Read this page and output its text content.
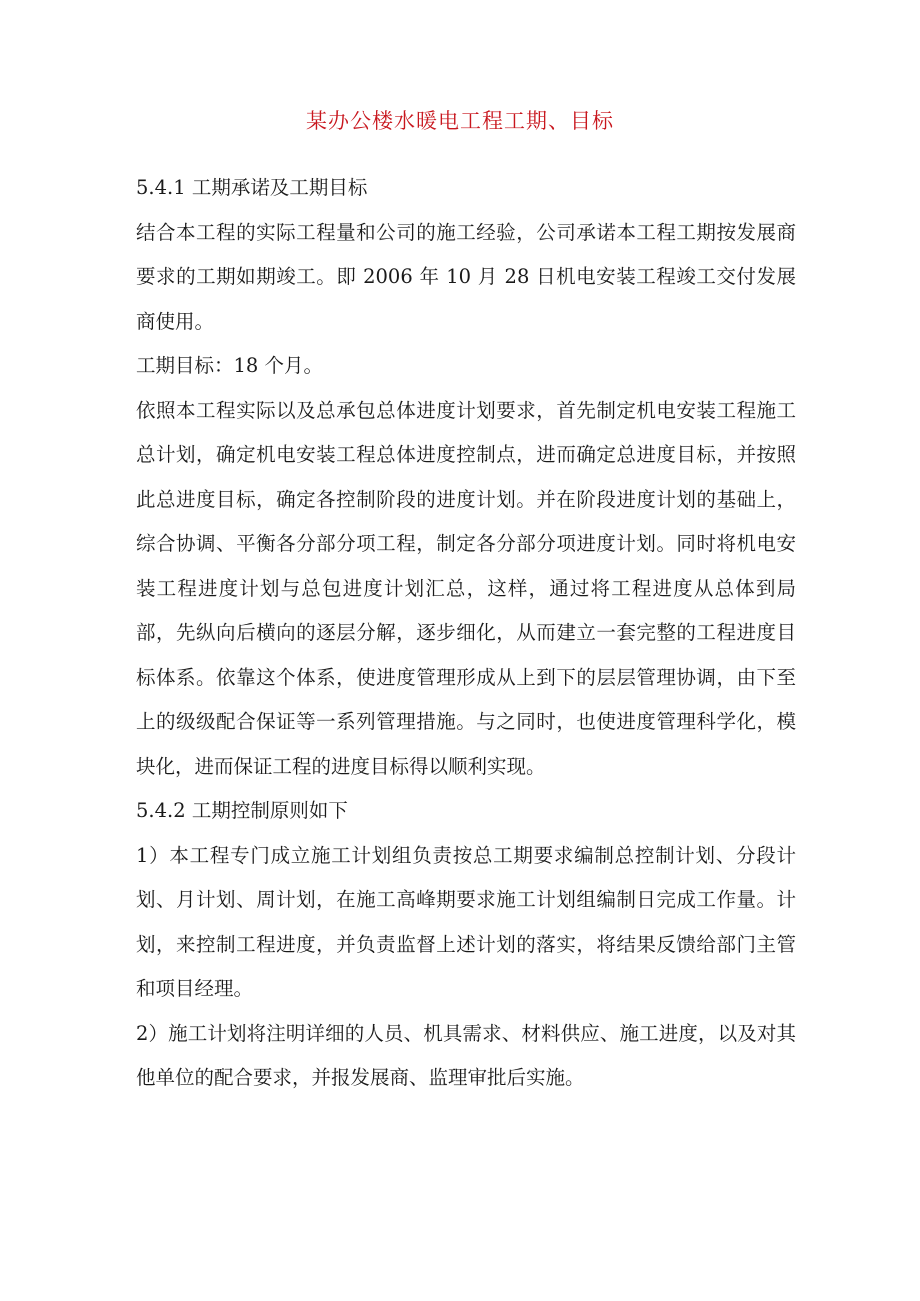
某办公楼水暖电工程工期、目标

5.4.1 工期承诺及工期目标

结合本工程的实际工程量和公司的施工经验，公司承诺本工程工期按发展商要求的工期如期竣工。即 2006 年 10 月 28 日机电安装工程竣工交付发展商使用。

工期目标：18 个月。

依照本工程实际以及总承包总体进度计划要求，首先制定机电安装工程施工总计划，确定机电安装工程总体进度控制点，进而确定总进度目标，并按照此总进度目标，确定各控制阶段的进度计划。并在阶段进度计划的基础上，综合协调、平衡各分部分项工程，制定各分部分项进度计划。同时将机电安装工程进度计划与总包进度计划汇总，这样，通过将工程进度从总体到局部，先纵向后横向的逐层分解，逐步细化，从而建立一套完整的工程进度目标体系。依靠这个体系，使进度管理形成从上到下的层层管理协调，由下至上的级级配合保证等一系列管理措施。与之同时，也使进度管理科学化，模块化，进而保证工程的进度目标得以顺利实现。

5.4.2 工期控制原则如下

1）本工程专门成立施工计划组负责按总工期要求编制总控制计划、分段计划、月计划、周计划，在施工高峰期要求施工计划组编制日完成工作量。计划，来控制工程进度，并负责监督上述计划的落实，将结果反馈给部门主管和项目经理。

2）施工计划将注明详细的人员、机具需求、材料供应、施工进度，以及对其他单位的配合要求，并报发展商、监理审批后实施。
